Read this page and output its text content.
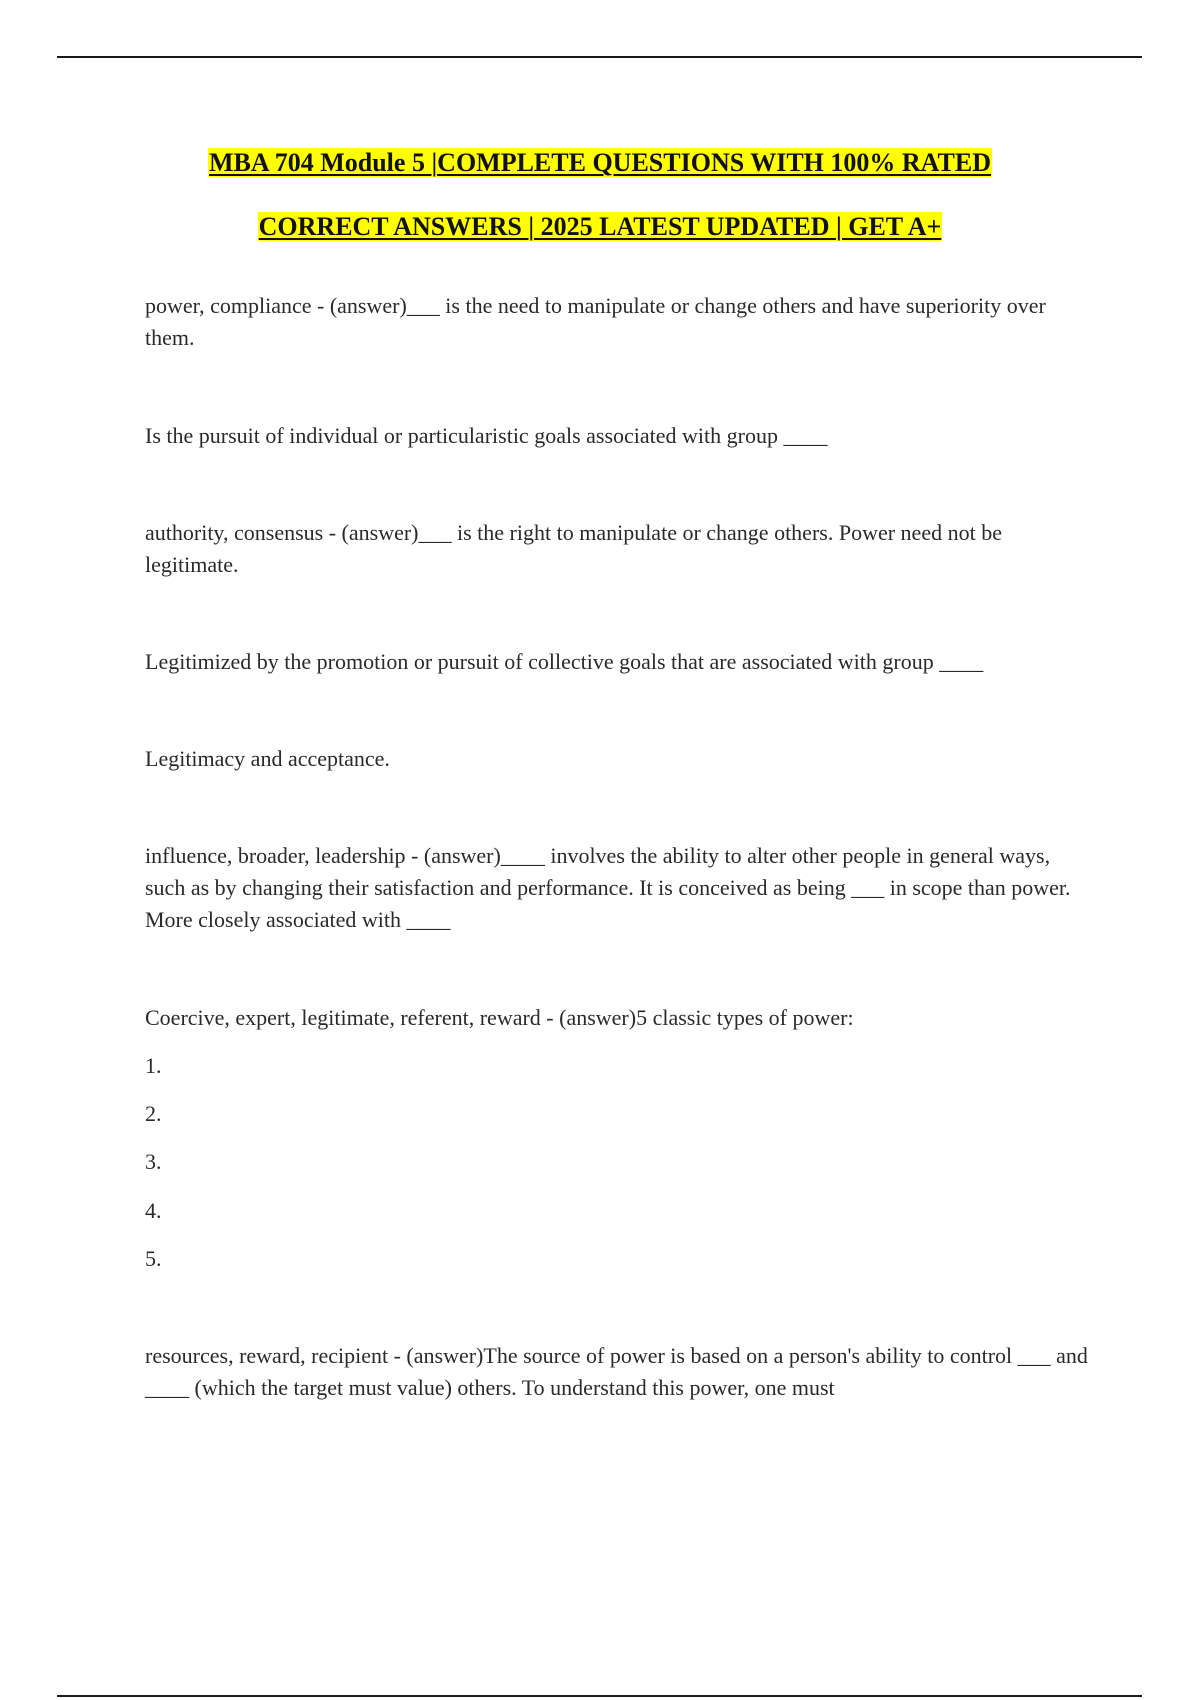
MBA 704 Module 5 |COMPLETE QUESTIONS WITH 100% RATED
CORRECT ANSWERS | 2025 LATEST UPDATED | GET A+

power, compliance - (answer)___ is the need to manipulate or change others and have superiority over them.

Is the pursuit of individual or particularistic goals associated with group ____

authority, consensus - (answer)___ is the right to manipulate or change others. Power need not be legitimate.

Legitimized by the promotion or pursuit of collective goals that are associated with group ____

Legitimacy and acceptance.

influence, broader, leadership - (answer)____ involves the ability to alter other people in general ways, such as by changing their satisfaction and performance. It is conceived as being ___ in scope than power. More closely associated with ____

Coercive, expert, legitimate, referent, reward - (answer)5 classic types of power:

1.
2.
3.
4.
5.

resources, reward, recipient - (answer)The source of power is based on a person's ability to control ___ and ____ (which the target must value) others. To understand this power, one must
